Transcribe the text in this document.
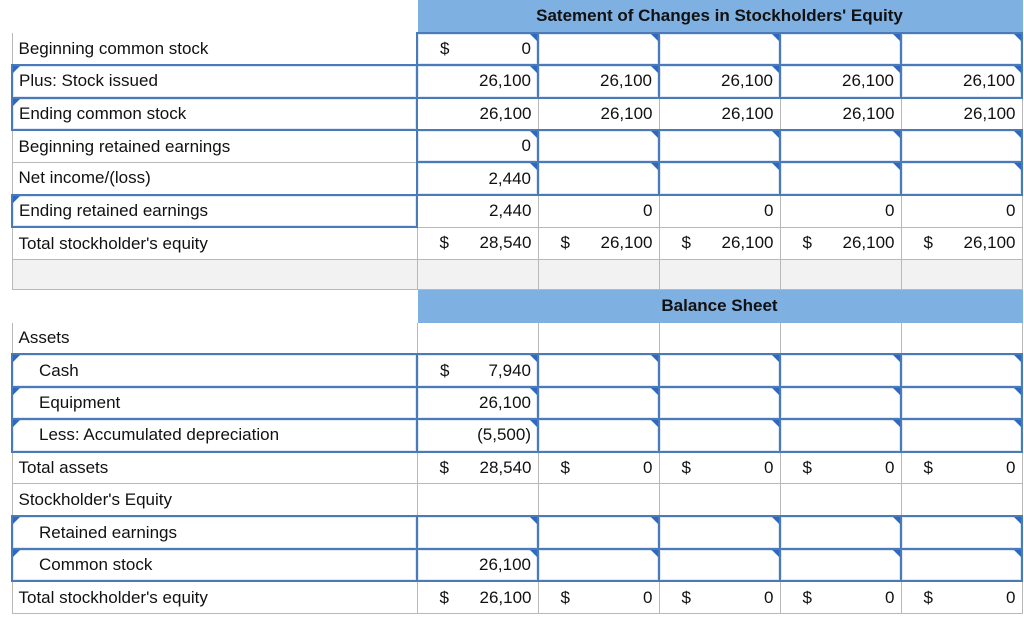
	Satement of Changes in Stockholders' Equity				
Beginning common stock	$ 0				

Plus: Stock issued	26,100	26,100	26,100	26,100	26,100

Ending common stock	26,100	26,100	26,100	26,100	26,100

Beginning retained earnings	0				

Net income/(loss)	2,440				

Ending retained earnings	2,440	0	0	0	0

Total stockholder's equity	$ 28,540	$ 26,100	$ 26,100	$ 26,100	$ 26,100

	Balance Sheet				
Assets	

Cash	$ 7,940				

Equipment	26,100				

Less: Accumulated depreciation	(5,500)				

Total assets	$ 28,540	$ 0	$ 0	$ 0	$ 0

Stockholder's Equity	

Retained earnings

Common stock	26,100				

Total stockholder's equity	$ 26,100	$ 0	$ 0	$ 0	$ 0
